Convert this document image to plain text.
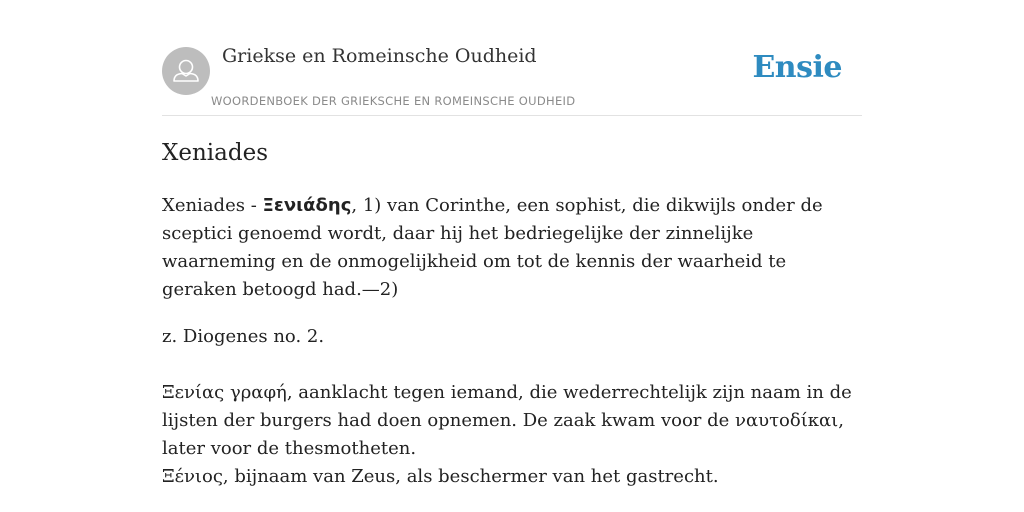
Griekse en Romeinsche Oudheid
WOORDENBOEK DER GRIEKSCHE EN ROMEINSCHE OUDHEID
Ensie
Xeniades

Xeniades - Ξενιάδης, 1) van Corinthe, een sophist, die dikwijls onder de sceptici genoemd wordt, daar hij het bedriegelijke der zinnelijke waarneming en de onmogelijkheid om tot de kennis der waarheid te geraken betoogd had.—2)

z. Diogenes no. 2.

Ξενίας γραφή, aanklacht tegen iemand, die wederrechtelijk zijn naam in de lijsten der burgers had doen opnemen. De zaak kwam voor de ναυτοδίκαι, later voor de thesmotheten.

Ξένιος, bijnaam van Zeus, als beschermer van het gastrecht.
